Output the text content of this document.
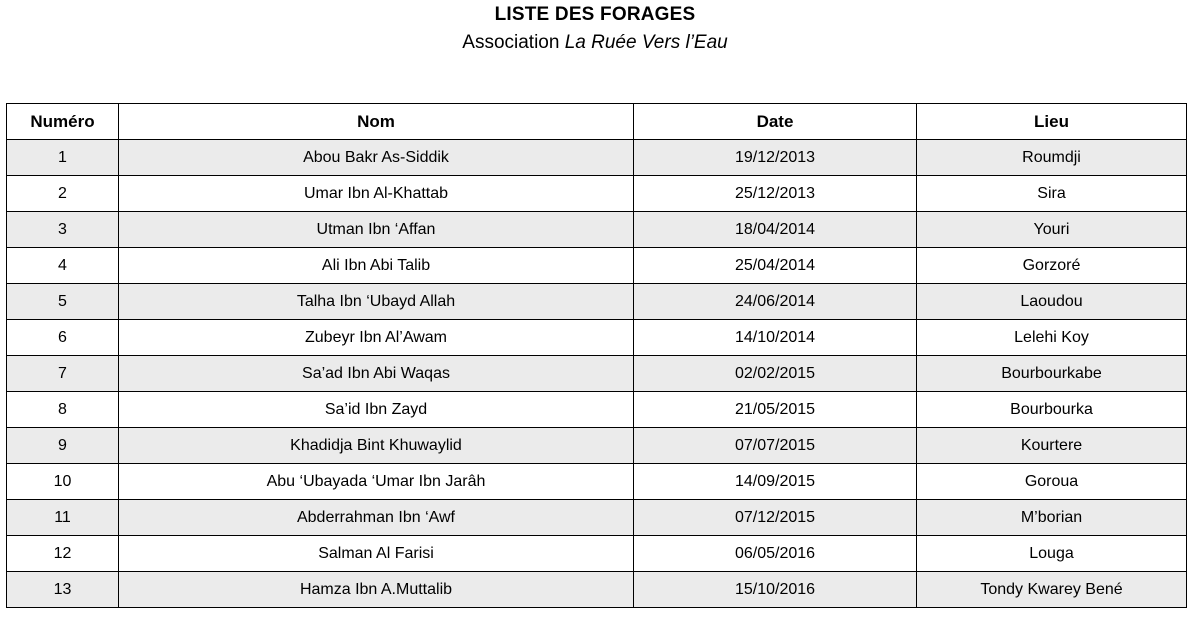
LISTE DES FORAGES
Association La Ruée Vers l’Eau
Numéro	Nom	Date	Lieu
1	Abou Bakr As-Siddik	19/12/2013	Roumdji
2	Umar Ibn Al-Khattab	25/12/2013	Sira
3	Utman Ibn ‘Affan	18/04/2014	Youri
4	Ali Ibn Abi Talib	25/04/2014	Gorzoré
5	Talha Ibn ‘Ubayd Allah	24/06/2014	Laoudou
6	Zubeyr Ibn Al’Awam	14/10/2014	Lelehi Koy
7	Sa’ad Ibn Abi Waqas	02/02/2015	Bourbourkabe
8	Sa’id Ibn Zayd	21/05/2015	Bourbourka
9	Khadidja Bint Khuwaylid	07/07/2015	Kourtere
10	Abu ‘Ubayada ‘Umar Ibn Jarâh	14/09/2015	Goroua
11	Abderrahman Ibn ‘Awf	07/12/2015	M’borian
12	Salman Al Farisi	06/05/2016	Louga
13	Hamza Ibn A.Muttalib	15/10/2016	Tondy Kwarey Bené
